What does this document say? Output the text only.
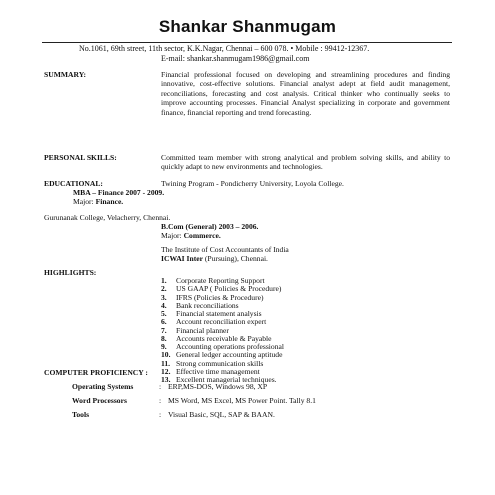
Shankar Shanmugam
No.1061, 69th street, 11th sector, K.K.Nagar, Chennai – 600 078. • Mobile : 99412-12367.
E-mail: shankar.shanmugam1986@gmail.com
SUMMARY:	Financial professional focused on developing and streamlining procedures and finding innovative, cost-effective solutions. Financial analyst adept at field audit management, reconciliations, forecasting and cost analysis. Critical thinker who continually seeks to improve accounting processes. Financial Analyst specializing in corporate and government finance, financial reporting and trend forecasting.
PERSONAL SKILLS:	Committed team member with strong analytical and problem solving skills, and ability to quickly adapt to new environments and technologies.
EDUCATIONAL:	Twining Program - Pondicherry University, Loyola College.
MBA – Finance 2007 - 2009.
Major: Finance.
Gurunanak College, Velacherry, Chennai.
B.Com (General) 2003 – 2006.
Major: Commerce.
The Institute of Cost Accountants of India
ICWAI Inter (Pursuing), Chennai.
HIGHLIGHTS:
1. Corporate Reporting Support
2. US GAAP ( Policies & Procedure)
3. IFRS (Policies & Procedure)
4. Bank reconciliations
5. Financial statement analysis
6. Account reconciliation expert
7. Financial planner
8. Accounts receivable & Payable
9. Accounting operations professional
10. General ledger accounting aptitude
11. Strong communication skills
12. Effective time management
13. Excellent managerial techniques.
COMPUTER PROFICIENCY :
Operating Systems	: ERP,MS-DOS, Windows 98, XP
Word Processors	: MS Word, MS Excel, MS Power Point. Tally 8.1
Tools	: Visual Basic, SQL, SAP & BAAN.
